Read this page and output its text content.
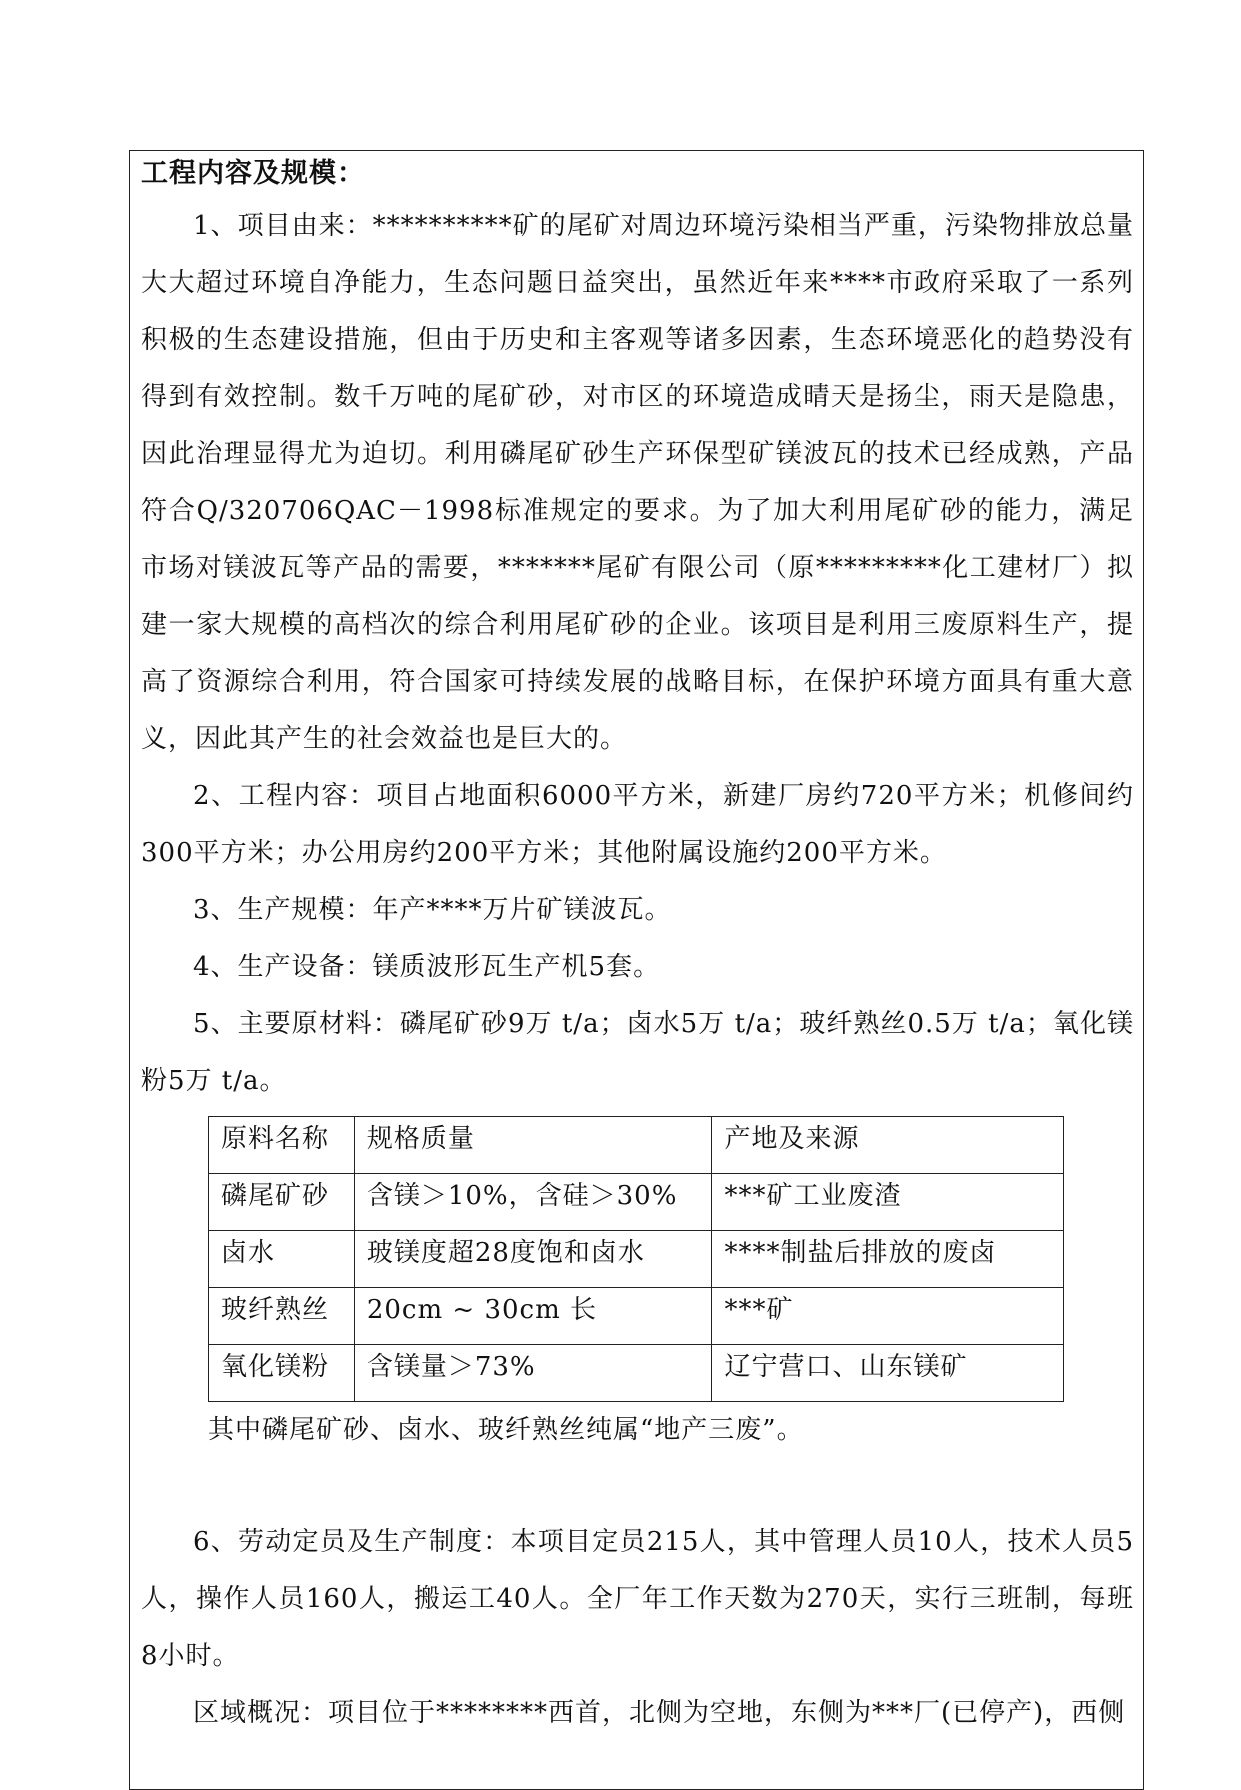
工程内容及规模：

1、项目由来：**********矿的尾矿对周边环境污染相当严重，污染物排放总量大大超过环境自净能力，生态问题日益突出，虽然近年来****市政府采取了一系列积极的生态建设措施，但由于历史和主客观等诸多因素，生态环境恶化的趋势没有得到有效控制。数千万吨的尾矿砂，对市区的环境造成晴天是扬尘，雨天是隐患，因此治理显得尤为迫切。利用磷尾矿砂生产环保型矿镁波瓦的技术已经成熟，产品符合Q/320706QAC－1998标准规定的要求。为了加大利用尾矿砂的能力，满足市场对镁波瓦等产品的需要，*******尾矿有限公司（原*********化工建材厂）拟建一家大规模的高档次的综合利用尾矿砂的企业。该项目是利用三废原料生产，提高了资源综合利用，符合国家可持续发展的战略目标，在保护环境方面具有重大意义，因此其产生的社会效益也是巨大的。

2、工程内容：项目占地面积6000平方米，新建厂房约720平方米；机修间约300平方米；办公用房约200平方米；其他附属设施约200平方米。

3、生产规模：年产****万片矿镁波瓦。

4、生产设备：镁质波形瓦生产机5套。

5、主要原材料：磷尾矿砂9万 t/a；卤水5万 t/a；玻纤熟丝0.5万 t/a；氧化镁粉5万 t/a。

原料名称	规格质量	产地及来源
磷尾矿砂	含镁＞10%，含硅＞30%	***矿工业废渣
卤水	玻镁度超28度饱和卤水	****制盐后排放的废卤
玻纤熟丝	20cm ~ 30cm 长	***矿
氧化镁粉	含镁量＞73%	辽宁营口、山东镁矿

其中磷尾矿砂、卤水、玻纤熟丝纯属“地产三废”。

6、劳动定员及生产制度：本项目定员215人，其中管理人员10人，技术人员5人，操作人员160人，搬运工40人。全厂年工作天数为270天，实行三班制，每班8小时。

区域概况：项目位于********西首，北侧为空地，东侧为***厂(已停产)，西侧
